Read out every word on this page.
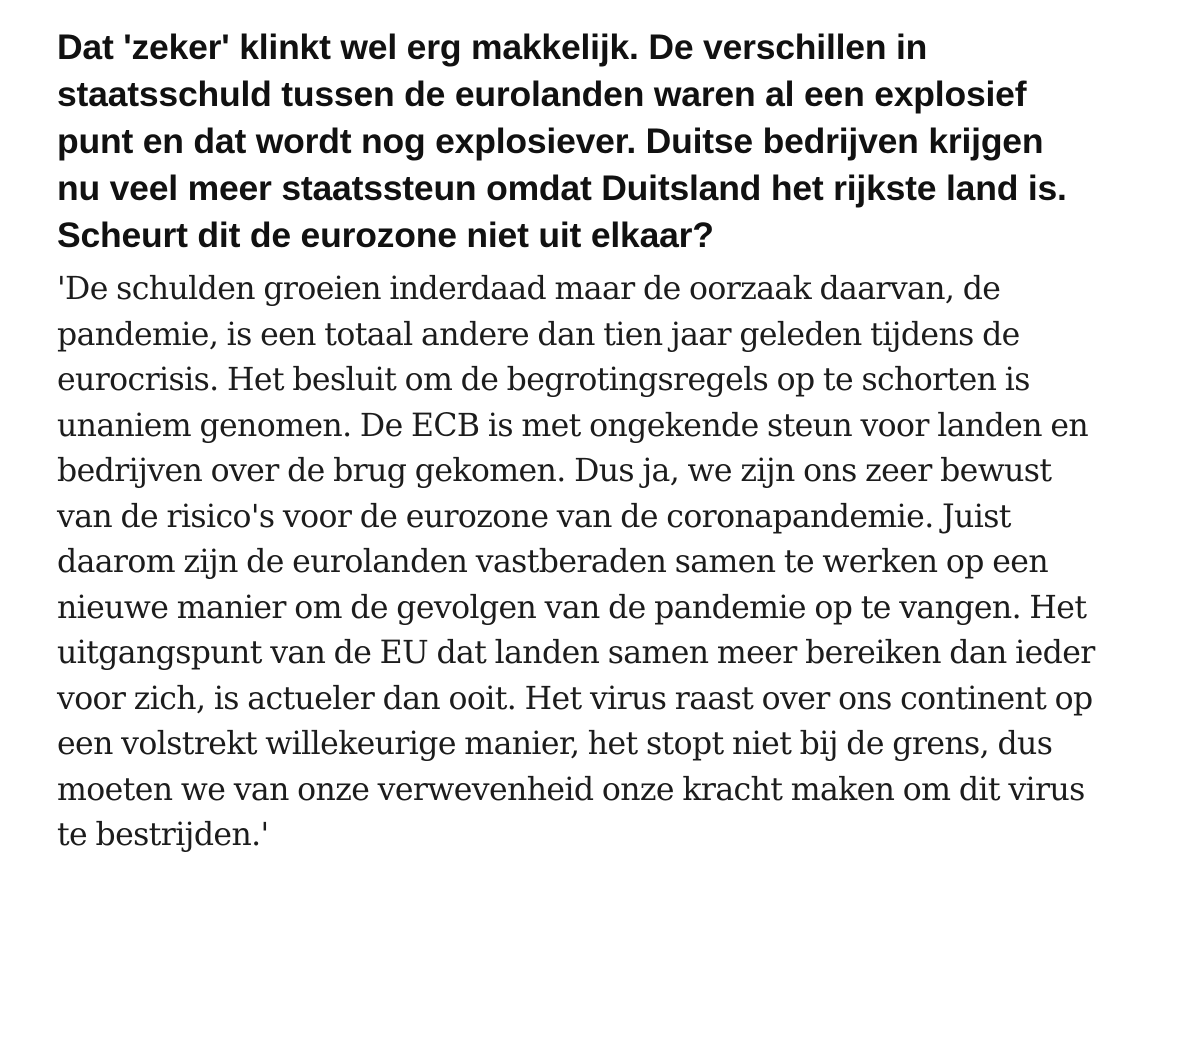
Dat 'zeker' klinkt wel erg makkelijk. De verschillen in
staatsschuld tussen de eurolanden waren al een explosief
punt en dat wordt nog explosiever. Duitse bedrijven krijgen
nu veel meer staatssteun omdat Duitsland het rijkste land is.
Scheurt dit de eurozone niet uit elkaar?

'De schulden groeien inderdaad maar de oorzaak daarvan, de
pandemie, is een totaal andere dan tien jaar geleden tijdens de
eurocrisis. Het besluit om de begrotingsregels op te schorten is
unaniem genomen. De ECB is met ongekende steun voor landen en
bedrijven over de brug gekomen. Dus ja, we zijn ons zeer bewust
van de risico's voor de eurozone van de coronapandemie. Juist
daarom zijn de eurolanden vastberaden samen te werken op een
nieuwe manier om de gevolgen van de pandemie op te vangen. Het
uitgangspunt van de EU dat landen samen meer bereiken dan ieder
voor zich, is actueler dan ooit. Het virus raast over ons continent op
een volstrekt willekeurige manier, het stopt niet bij de grens, dus
moeten we van onze verwevenheid onze kracht maken om dit virus
te bestrijden.'
